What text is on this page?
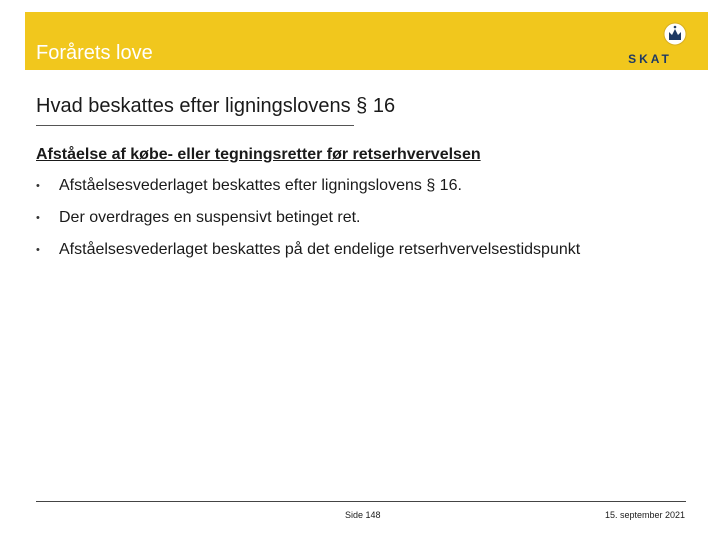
Forårets love	SKAT
Hvad beskattes efter ligningslovens § 16
Afståelse af købe- eller tegningsretter før retserhvervelsen
•	Afståelsesvederlaget beskattes efter ligningslovens § 16.
•	Der overdrages en suspensivt betinget ret.
•	Afståelsesvederlaget beskattes på det endelige retserhvervelsestidspunkt
Side 148	15. september 2021
